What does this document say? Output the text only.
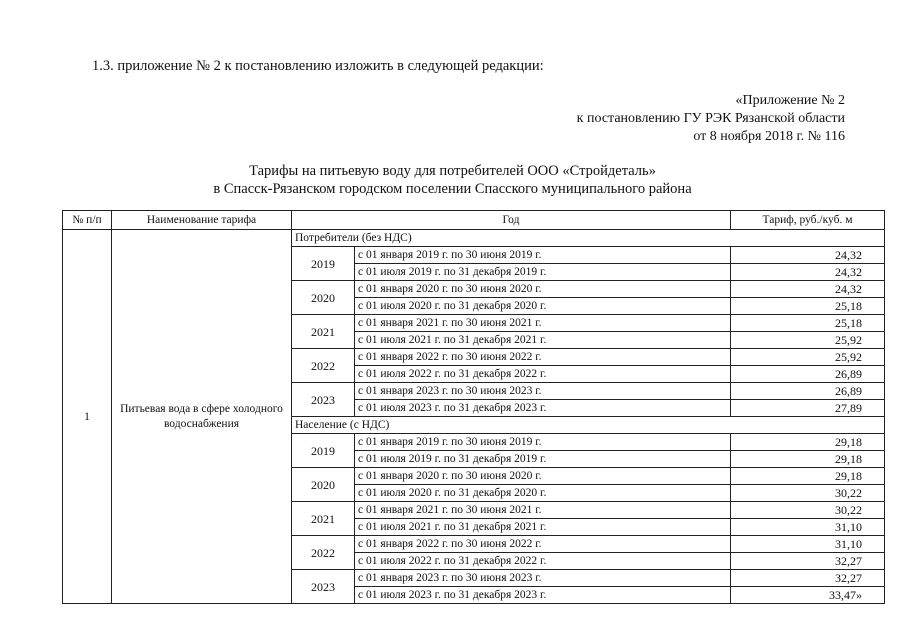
1.3. приложение № 2 к постановлению изложить в следующей редакции:
«Приложение № 2
к постановлению ГУ РЭК Рязанской области
от 8 ноября 2018 г. № 116
Тарифы на питьевую воду для потребителей ООО «Стройдеталь»
в Спасск-Рязанском городском поселении Спасского муниципального района
№ п/п	Наименование тарифа	Год		Тариф, руб./куб. м
1	Питьевая вода в сфере холодного водоснабжения	Потребители (без НДС)		
		2019	с 01 января 2019 г. по 30 июня 2019 г.	24,32
			с 01 июля 2019 г. по 31 декабря 2019 г.	24,32
		2020	с 01 января 2020 г. по 30 июня 2020 г.	24,32
			с 01 июля 2020 г. по 31 декабря 2020 г.	25,18
		2021	с 01 января 2021 г. по 30 июня 2021 г.	25,18
			с 01 июля 2021 г. по 31 декабря 2021 г.	25,92
		2022	с 01 января 2022 г. по 30 июня 2022 г.	25,92
			с 01 июля 2022 г. по 31 декабря 2022 г.	26,89
		2023	с 01 января 2023 г. по 30 июня 2023 г.	26,89
			с 01 июля 2023 г. по 31 декабря 2023 г.	27,89
		Население (с НДС)		
		2019	с 01 января 2019 г. по 30 июня 2019 г.	29,18
			с 01 июля 2019 г. по 31 декабря 2019 г.	29,18
		2020	с 01 января 2020 г. по 30 июня 2020 г.	29,18
			с 01 июля 2020 г. по 31 декабря 2020 г.	30,22
		2021	с 01 января 2021 г. по 30 июня 2021 г.	30,22
			с 01 июля 2021 г. по 31 декабря 2021 г.	31,10
		2022	с 01 января 2022 г. по 30 июня 2022 г.	31,10
			с 01 июля 2022 г. по 31 декабря 2022 г.	32,27
		2023	с 01 января 2023 г. по 30 июня 2023 г.	32,27
			с 01 июля 2023 г. по 31 декабря 2023 г.	33,47»
